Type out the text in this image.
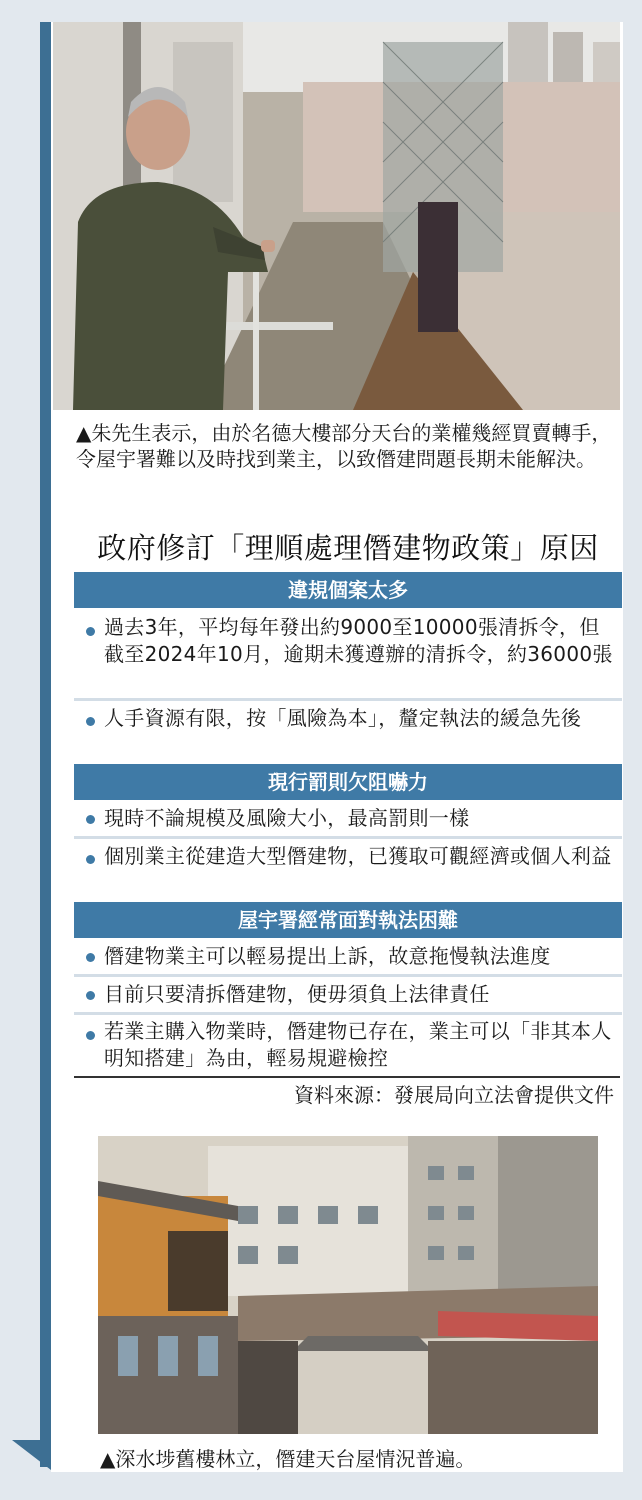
▲朱先生表示，由於名德大樓部分天台的業權幾經買賣轉手，令屋宇署難以及時找到業主，以致僭建問題長期未能解決。
政府修訂「理順處理僭建物政策」原因
違規個案太多
過去3年，平均每年發出約9000至10000張清拆令，但截至2024年10月，逾期未獲遵辦的清拆令，約36000張
人手資源有限，按「風險為本」，釐定執法的緩急先後
現行罰則欠阻嚇力
現時不論規模及風險大小，最高罰則一樣
個別業主從建造大型僭建物，已獲取可觀經濟或個人利益
屋宇署經常面對執法困難
僭建物業主可以輕易提出上訴，故意拖慢執法進度
目前只要清拆僭建物，便毋須負上法律責任
若業主購入物業時，僭建物已存在，業主可以「非其本人明知搭建」為由，輕易規避檢控
資料來源：發展局向立法會提供文件
▲深水埗舊樓林立，僭建天台屋情況普遍。
